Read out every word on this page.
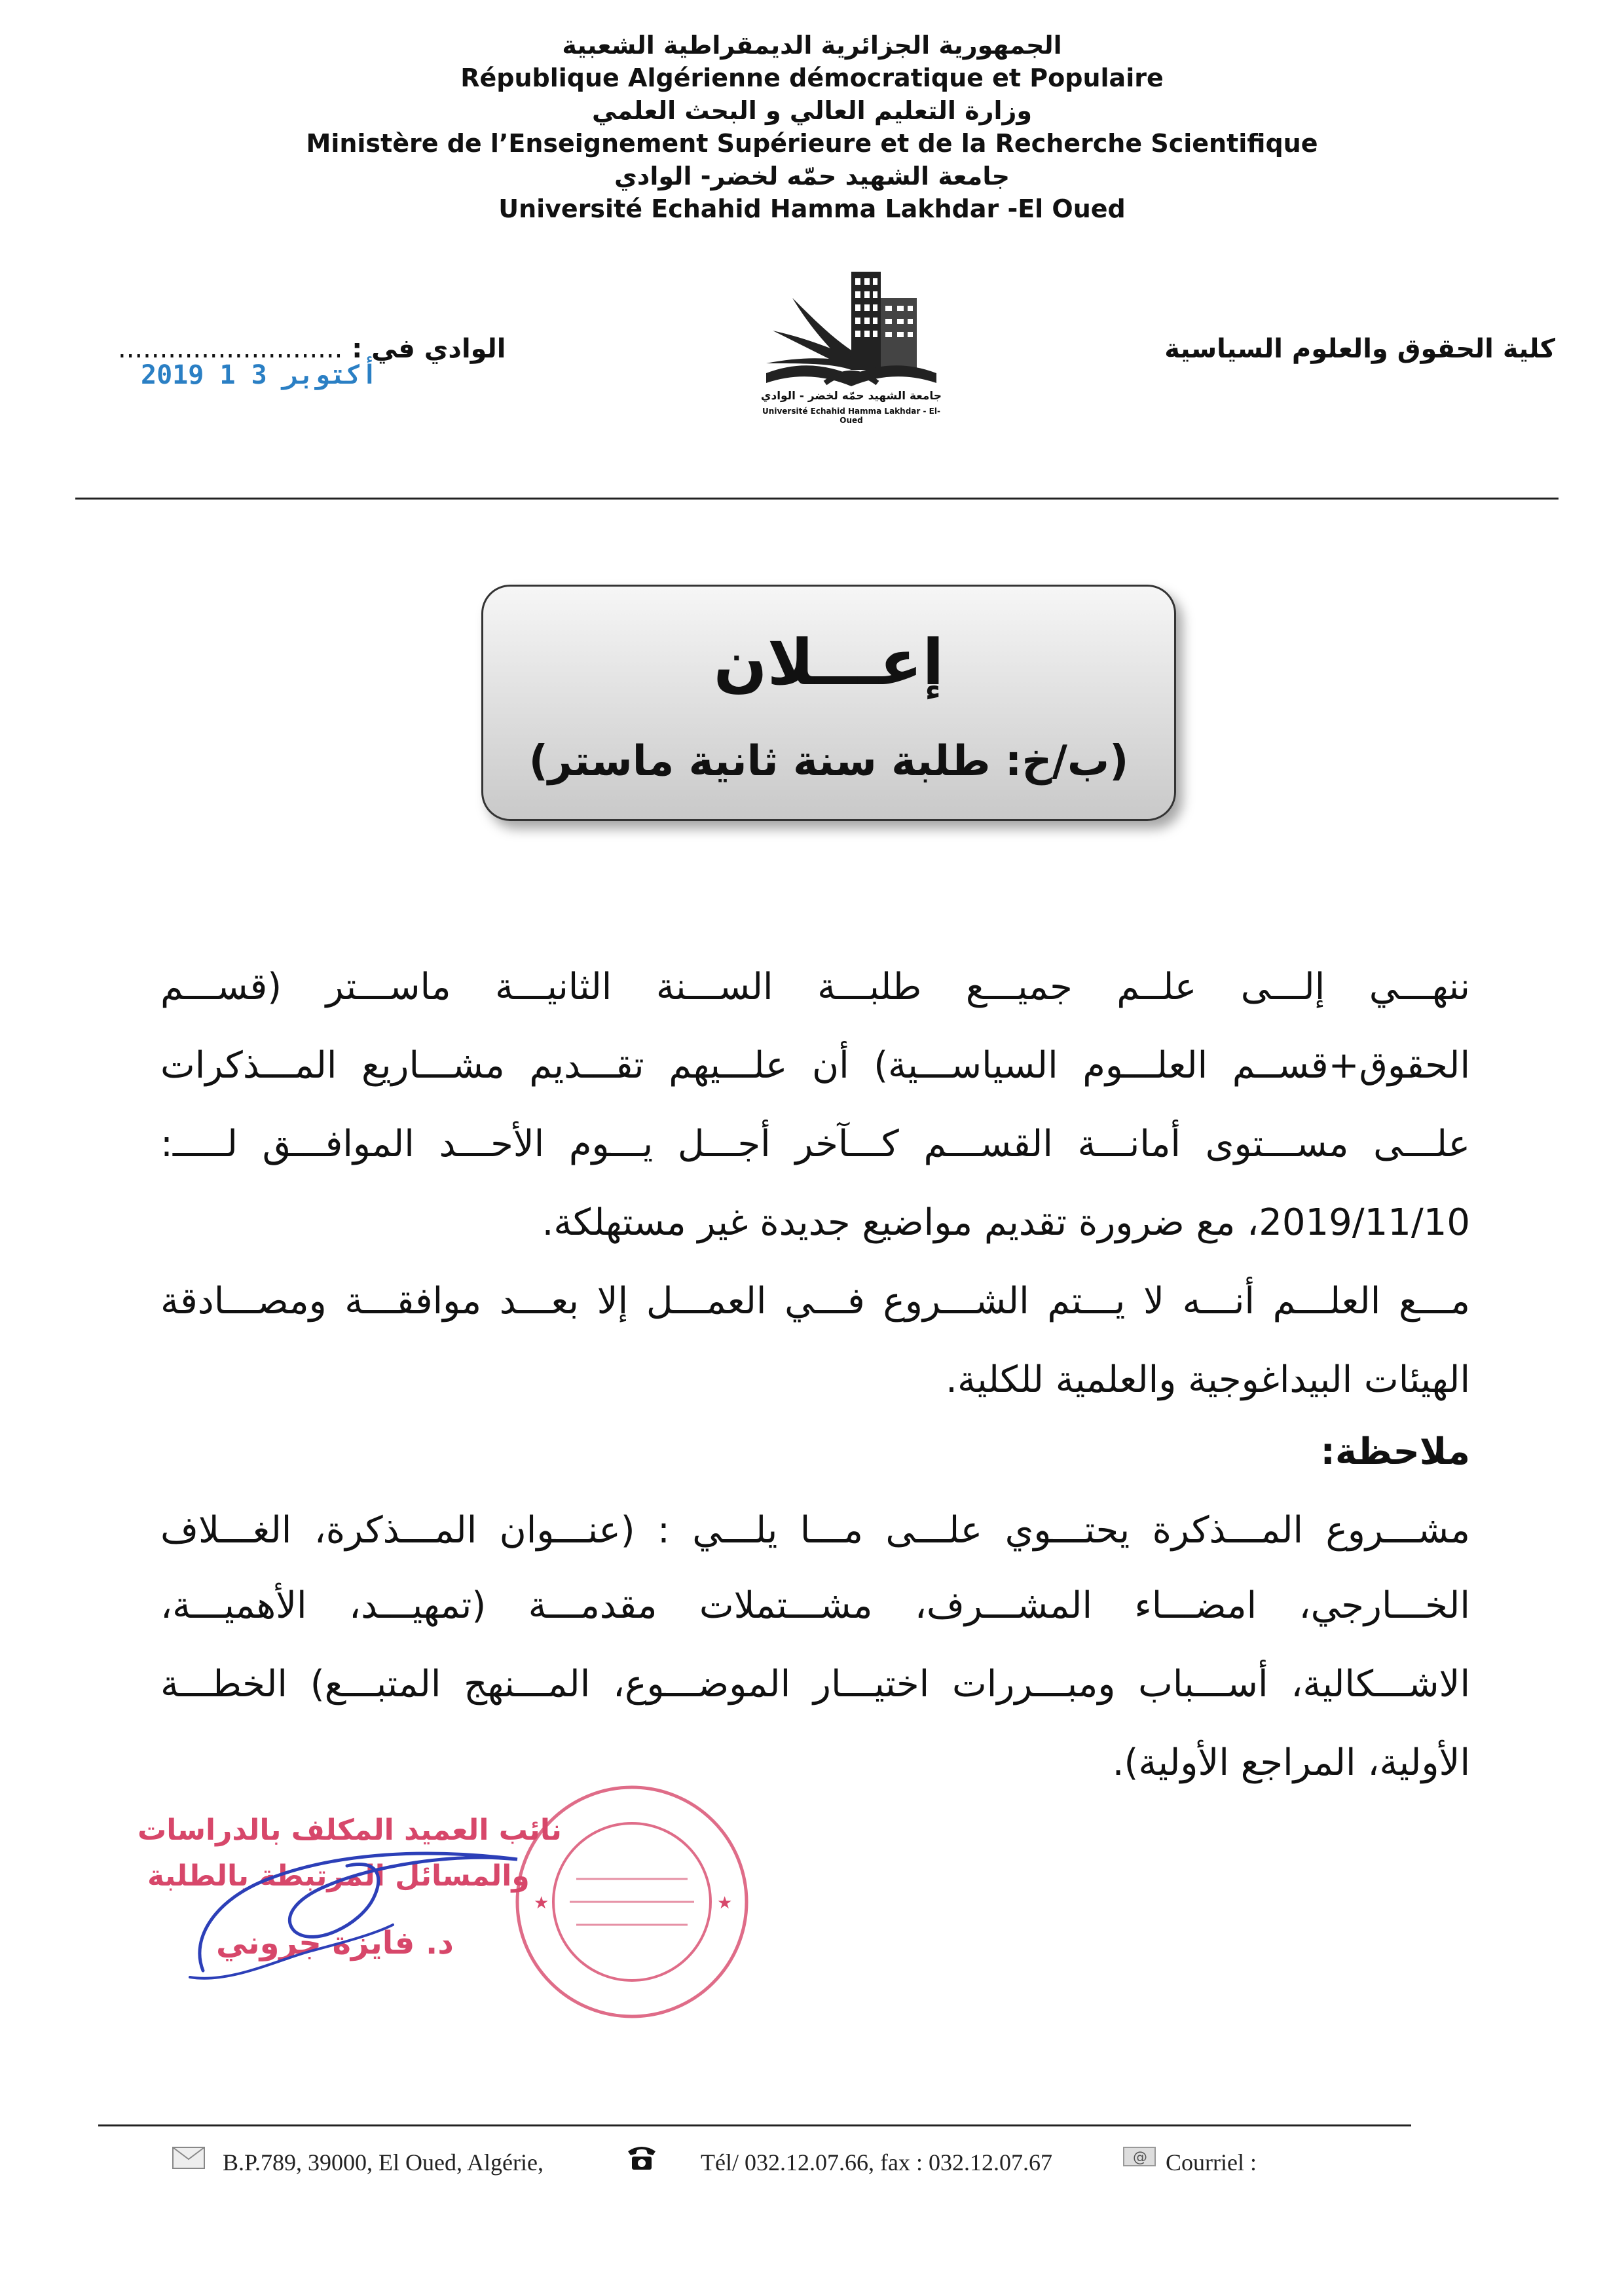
الجمهورية الجزائرية الديمقراطية الشعبية
République Algérienne démocratique et Populaire
وزارة التعليم العالي و البحث العلمي
Ministère de l’Enseignement Supérieure et de la Recherche Scientifique
جامعة الشهيد حمّه لخضر- الوادي
Université Echahid Hamma Lakhdar -El Oued
كلية الحقوق والعلوم السياسية
الوادي في : ...........................
2019 أكتوبر 3 1
جامعة الشهيد حمّه لخضر - الوادي
Université Echahid Hamma Lakhdar - El-Oued
إعـــلان
(ب/خ: طلبة سنة ثانية ماستر)
ننهـــي إلـــى علــم جميـــع طلبـــة الســـنة الثانيـــة ماســـتر (قســـم
الحقوق+قســم العلـــوم السياســـية) أن علـــيهم تقـــديم مشـــاريع المـــذكرات
علـــى مســـتوى أمانـــة القســـم كـــآخر أجـــل يـــوم الأحـــد الموافـــق لـــــ:
2019/11/10، مع ضرورة تقديم مواضيع جديدة غير مستهلكة.
مـــع العلـــم أنـــه لا يـــتم الشـــروع فـــي العمـــل إلا بعـــد موافقـــة ومصـــادقة
الهيئات البيداغوجية والعلمية للكلية.
ملاحظة:
مشـــروع المـــذكرة يحتـــوي علـــى مـــا يلـــي : (عنـــوان المـــذكرة، الغـــلاف
الخـــارجي، امضـــاء المشـــرف، مشـــتملات مقدمـــة (تمهيـــد، الأهميـــة،
الاشـــكالية، أســـباب ومبـــررات اختيـــار الموضـــوع، المـــنهج المتبـــع) الخطـــة
الأولية، المراجع الأولية).
★	★
نائب العميد المكلف بالدراسات
والمسائل المرتبطة بالطلبة
د. فايزة جروني
B.P.789, 39000, El Oued, Algérie,	Tél/ 032.12.07.66, fax : 032.12.07.67	@ Courriel :
